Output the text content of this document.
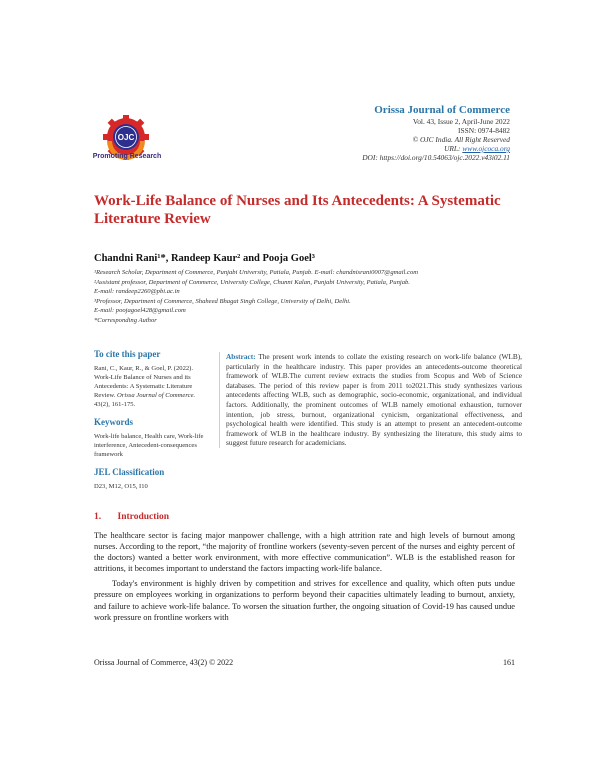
OJC
Promoting Research
Orissa Journal of Commerce
Vol. 43, Issue 2, April-June 2022
ISSN: 0974-8482
© OJC India. All Right Reserved
URL: www.ojcoca.org
DOI: https://doi.org/10.54063/ojc.2022.v43i02.11
Work-Life Balance of Nurses and Its Antecedents: A Systematic Literature Review
Chandni Rani¹*, Randeep Kaur² and Pooja Goel³
¹Research Scholar, Department of Commerce, Punjabi University, Patiala, Punjab. E-mail: chandnisrani0007@gmail.com
²Assistant professor, Department of Commerce, University College, Chunni Kalan, Punjabi University, Patiala, Punjab.
E-mail: randeep2260@pbi.ac.in
³Professor, Department of Commerce, Shaheed Bhagat Singh College, University of Delhi, Delhi.
E-mail: poojagoel428@gmail.com
*Corresponding Author
To cite this paper
Rani, C., Kaur, R., & Goel, P. (2022). Work-Life Balance of Nurses and its Antecedents: A Systematic Literature Review. Orissa Journal of Commerce. 43(2), 161-175.
Keywords
Work-life balance, Health care, Work-life interference, Antecedent-consequences framework
JEL Classification
D23, M12, O15, I10
Abstract: The present work intends to collate the existing research on work-life balance (WLB), particularly in the healthcare industry. This paper provides an antecedents-outcome theoretical framework of WLB.The current review extracts the studies from Scopus and Web of Science databases. The period of this review paper is from 2011 to2021.This study synthesizes various antecedents affecting WLB, such as demographic, socio-economic, organizational, and individual factors. Additionally, the prominent outcomes of WLB namely emotional exhaustion, turnover intention, job stress, burnout, organizational cynicism, organizational effectiveness, and psychological health were identified. This study is an attempt to present an antecedent-outcome framework of WLB in the healthcare industry. By synthesizing the literature, this study aims to suggest future research for academicians.
1. Introduction

The healthcare sector is facing major manpower challenge, with a high attrition rate and high levels of burnout among nurses. According to the report, “the majority of frontline workers (seventy-seven percent of the nurses and eighty percent of the doctors) wanted a better work environment, with more effective communication”. WLB is the established reason for attritions, it becomes important to understand the factors impacting work-life balance.

Today's environment is highly driven by competition and strives for excellence and quality, which often puts undue pressure on employees working in organizations to perform beyond their capacities ultimately leading to burnout, anxiety, and failure to achieve work-life balance. To worsen the situation further, the ongoing situation of Covid-19 has caused undue work pressure on frontline workers with

Orissa Journal of Commerce, 43(2) © 2022	161
